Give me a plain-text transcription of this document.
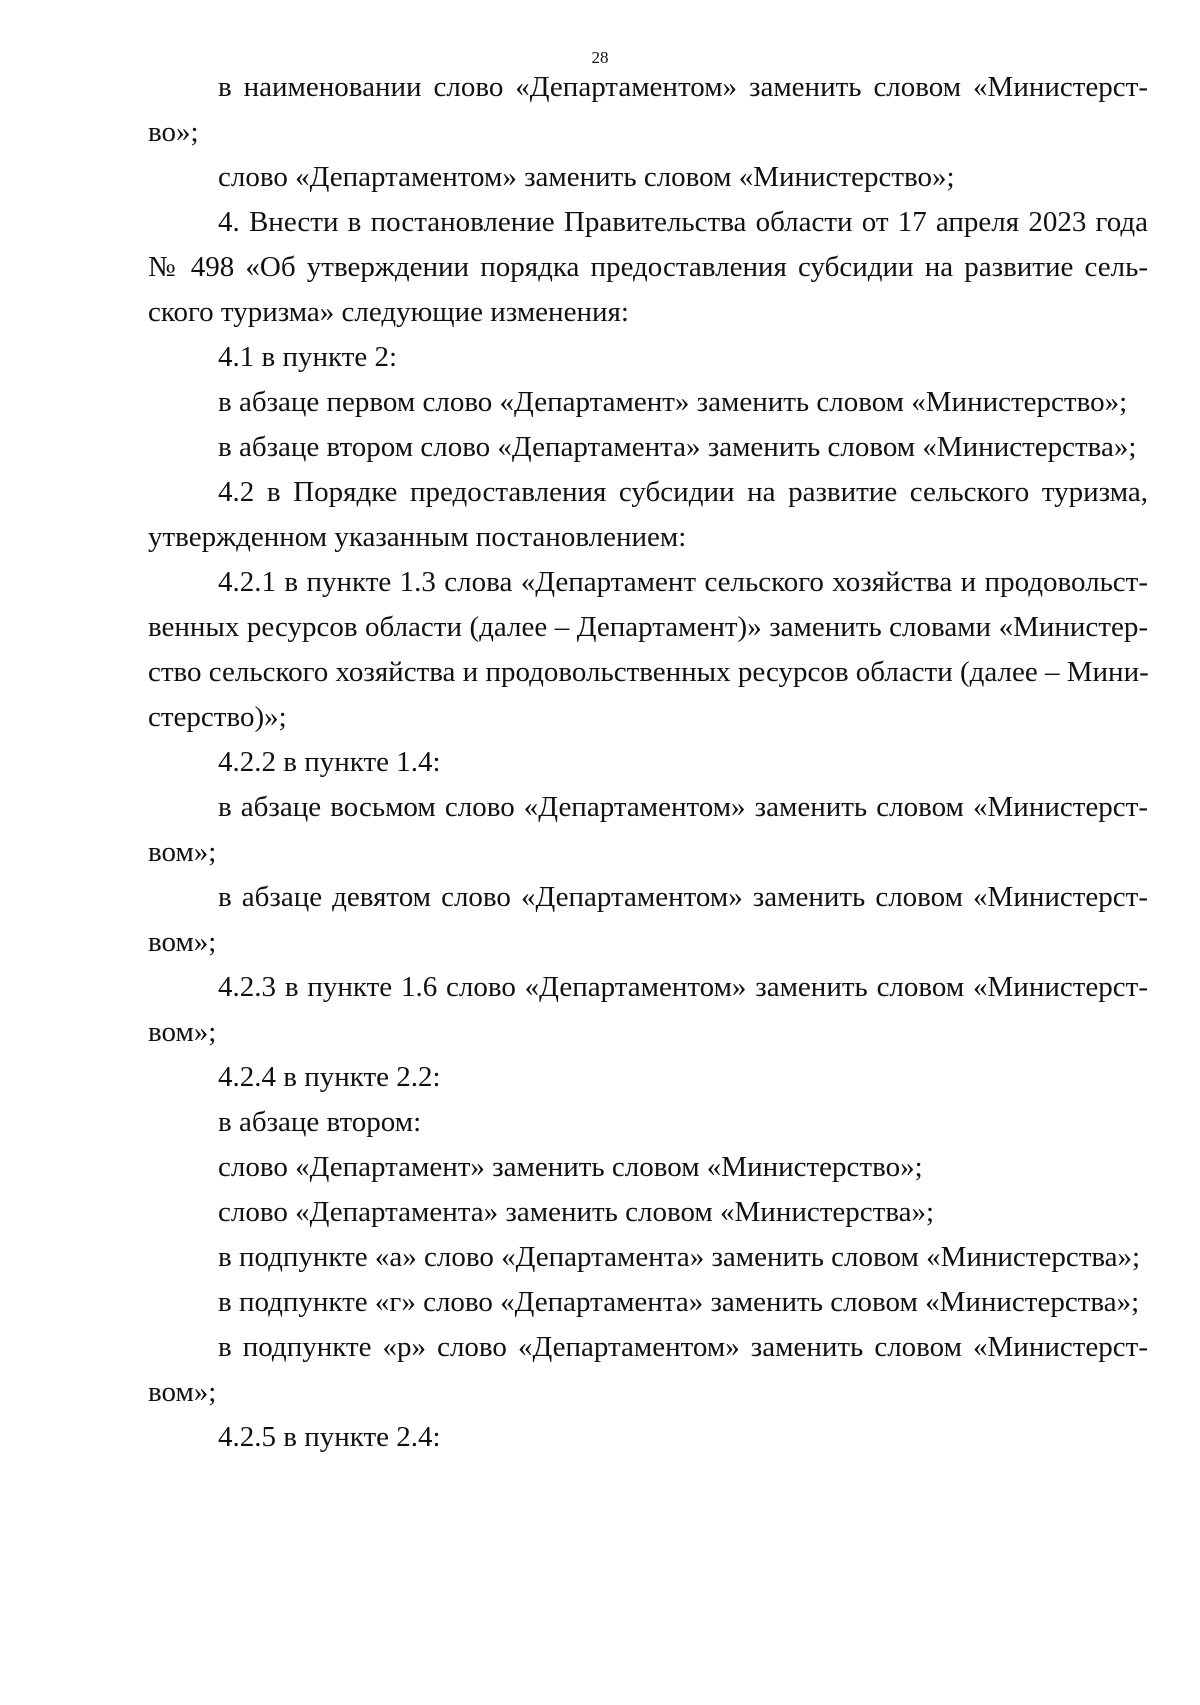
28
в наименовании слово «Департаментом» заменить словом «Министерст-
во»;
слово «Департаментом» заменить словом «Министерство»;
4. Внести в постановление Правительства области от 17 апреля 2023 года
№ 498 «Об утверждении порядка предоставления субсидии на развитие сель-
ского туризма» следующие изменения:
4.1 в пункте 2:
в абзаце первом слово «Департамент» заменить словом «Министерство»;
в абзаце втором слово «Департамента» заменить словом «Министерства»;
4.2 в Порядке предоставления субсидии на развитие сельского туризма,
утвержденном указанным постановлением:
4.2.1 в пункте 1.3 слова «Департамент сельского хозяйства и продовольст-
венных ресурсов области (далее – Департамент)» заменить словами «Министер-
ство сельского хозяйства и продовольственных ресурсов области (далее – Мини-
стерство)»;
4.2.2 в пункте 1.4:
в абзаце восьмом слово «Департаментом» заменить словом «Министерст-
вом»;
в абзаце девятом слово «Департаментом» заменить словом «Министерст-
вом»;
4.2.3 в пункте 1.6 слово «Департаментом» заменить словом «Министерст-
вом»;
4.2.4 в пункте 2.2:
в абзаце втором:
слово «Департамент» заменить словом «Министерство»;
слово «Департамента» заменить словом «Министерства»;
в подпункте «а» слово «Департамента» заменить словом «Министерства»;
в подпункте «г» слово «Департамента» заменить словом «Министерства»;
в подпункте «р» слово «Департаментом» заменить словом «Министерст-
вом»;
4.2.5 в пункте 2.4:
